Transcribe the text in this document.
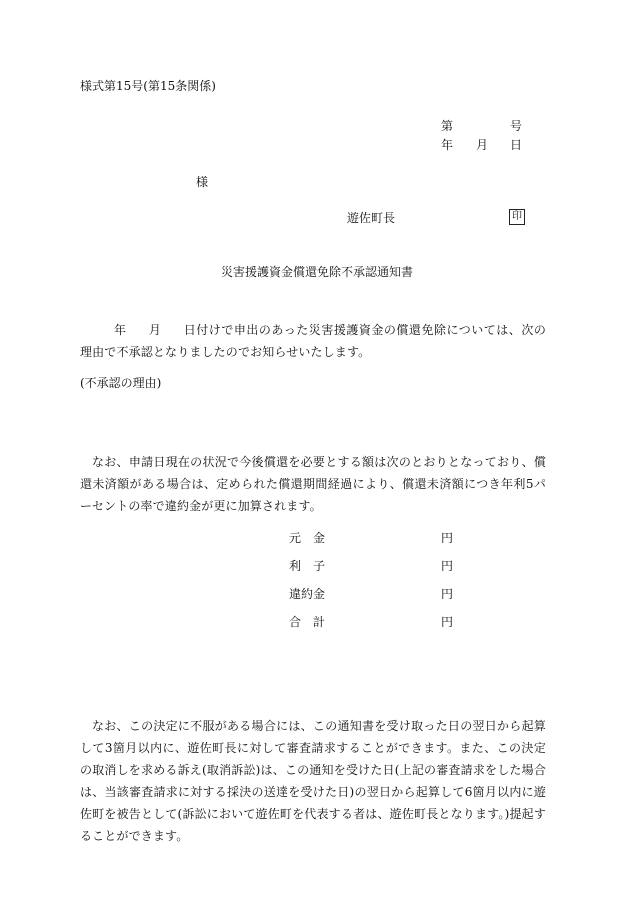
様式第15号(第15条関係)
第	号
年 月 日
様
遊佐町長	印
災害援護資金償還免除不承認通知書
年 月 日付けで申出のあった災害援護資金の償還免除については、次の理由で不承認となりましたのでお知らせいたします。
(不承認の理由)
なお、申請日現在の状況で今後償還を必要とする額は次のとおりとなっており、償還未済額がある場合は、定められた償還期間経過により、償還未済額につき年利5パーセントの率で違約金が更に加算されます。
元　金	円
利　子	円
違約金	円
合　計	円
なお、この決定に不服がある場合には、この通知書を受け取った日の翌日から起算して3箇月以内に、遊佐町長に対して審査請求することができます。また、この決定の取消しを求める訴え(取消訴訟)は、この通知を受けた日(上記の審査請求をした場合は、当該審査請求に対する採決の送達を受けた日)の翌日から起算して6箇月以内に遊佐町を被告として(訴訟において遊佐町を代表する者は、遊佐町長となります。)提起することができます。
